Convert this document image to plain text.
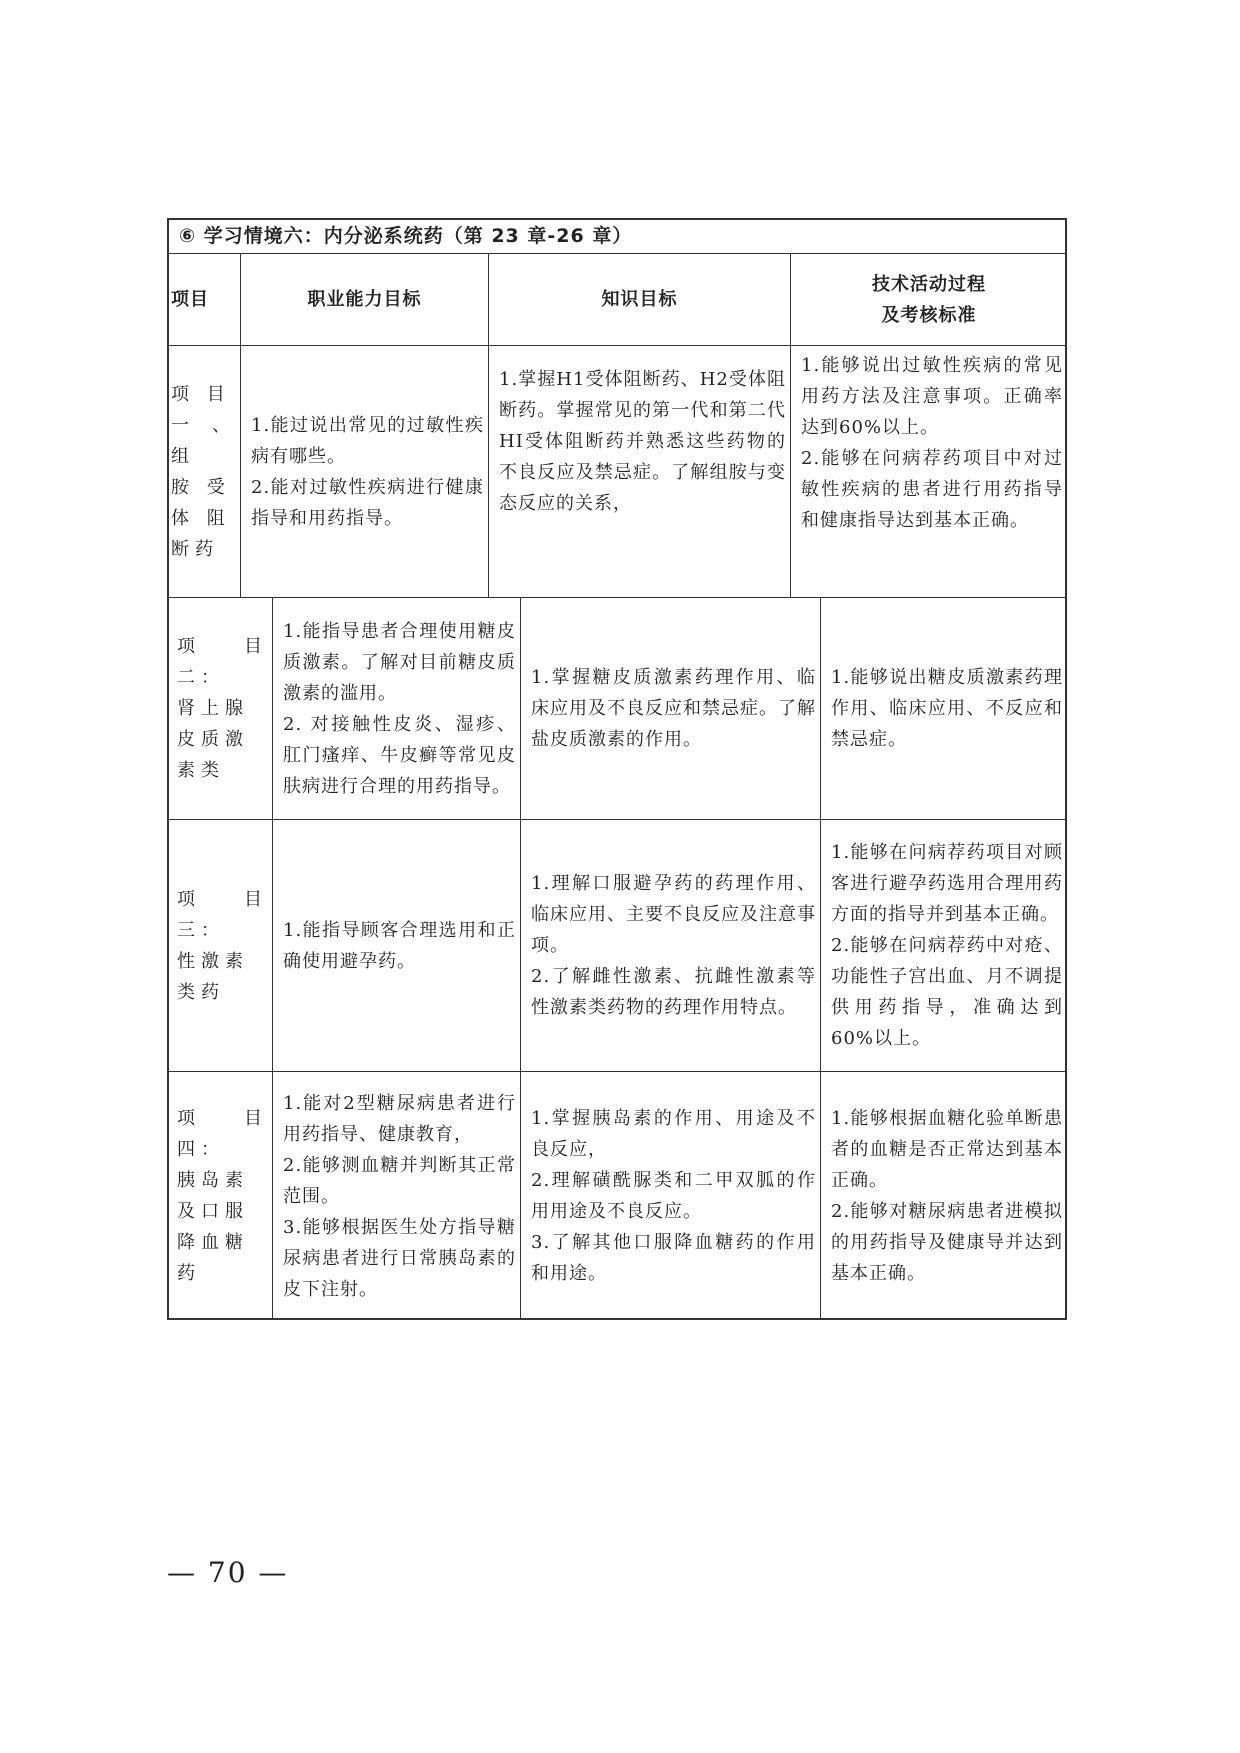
⑥ 学习情境六：内分泌系统药（第 23 章-26 章）
项目	职业能力目标	知识目标
技术活动过程
及考核标准
项 目
一、组
胺 受
体 阻
断药
1.能过说出常见的过敏性疾病有哪些。
2.能对过敏性疾病进行健康指导和用药指导。
1.掌握H1受体阻断药、H2受体阻断药。掌握常见的第一代和第二代HI受体阻断药并熟悉这些药物的不良反应及禁忌症。了解组胺与变态反应的关系，
1.能够说出过敏性疾病的常见用药方法及注意事项。正确率达到60%以上。
2.能够在问病荐药项目中对过敏性疾病的患者进行用药指导和健康指导达到基本正确。
项目二：
肾上腺
皮质激
素类
1.能指导患者合理使用糖皮质激素。了解对目前糖皮质激素的滥用。
2. 对接触性皮炎、湿疹、肛门瘙痒、牛皮癣等常见皮肤病进行合理的用药指导。
1.掌握糖皮质激素药理作用、临床应用及不良反应和禁忌症。了解盐皮质激素的作用。
1.能够说出糖皮质激素药理作用、临床应用、不反应和禁忌症。
项目三：
性激素
类药
1.能指导顾客合理选用和正确使用避孕药。
1.理解口服避孕药的药理作用、临床应用、主要不良反应及注意事项。
2.了解雌性激素、抗雌性激素等性激素类药物的药理作用特点。
1.能够在问病荐药项目对顾客进行避孕药选用合理用药方面的指导并到基本正确。
2.能够在问病荐药中对疮、功能性子宫出血、月不调提供用药指导，准确达到60%以上。
项目四：
胰岛素
及口服
降血糖
药
1.能对2型糖尿病患者进行用药指导、健康教育，
2.能够测血糖并判断其正常范围。
3.能够根据医生处方指导糖尿病患者进行日常胰岛素的皮下注射。
1.掌握胰岛素的作用、用途及不良反应，
2.理解磺酰脲类和二甲双胍的作用用途及不良反应。
3.了解其他口服降血糖药的作用和用途。
1.能够根据血糖化验单断患者的血糖是否正常达到基本正确。
2.能够对糖尿病患者进模拟的用药指导及健康导并达到基本正确。
— 70 —
